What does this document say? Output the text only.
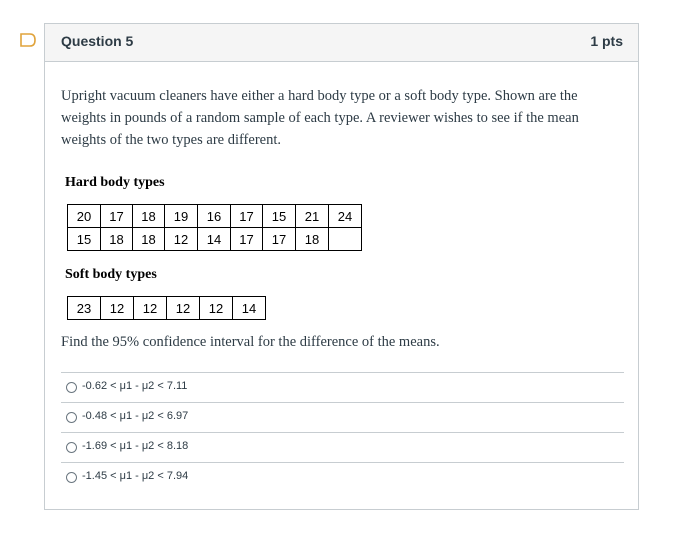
Question 5	1 pts
Upright vacuum cleaners have either a hard body type or a soft body type. Shown are the weights in pounds of a random sample of each type. A reviewer wishes to see if the mean weights of the two types are different.
Hard body types
20	17	18	19	16	17	15	21	24
15	18	18	12	14	17	17	18	
Soft body types
23	12	12	12	12	14
Find the 95% confidence interval for the difference of the means.
-0.62 < μ1 - μ2 < 7.11
-0.48 < μ1 - μ2 < 6.97
-1.69 < μ1 - μ2 < 8.18
-1.45 < μ1 - μ2 < 7.94
